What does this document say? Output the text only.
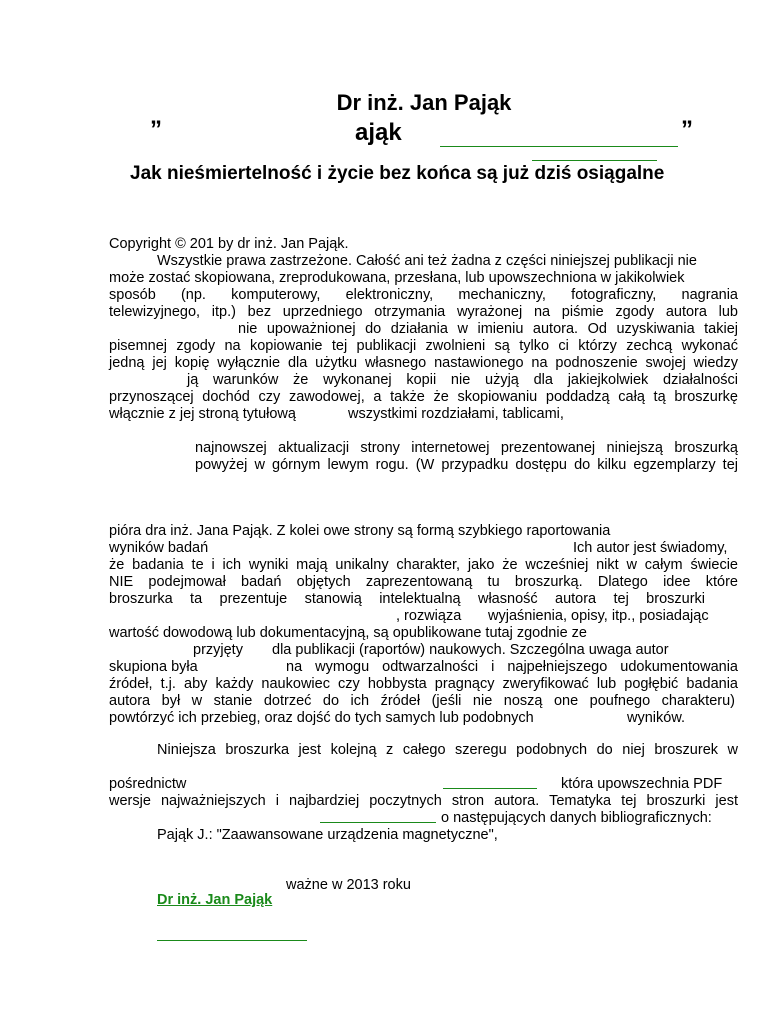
Dr inż. Jan Pająk
”	ająk	”
Jak nieśmiertelność i życie bez końca są już dziś osiągalne
Copyright © 201 by dr inż. Jan Pająk.
Wszystkie prawa zastrzeżone. Całość ani też żadna z części niniejszej publikacji nie
może zostać skopiowana, zreprodukowana, przesłana, lub upowszechniona w jakikolwiek
sposób (np. komputerowy, elektroniczny, mechaniczny, fotograficzny, nagrania
telewizyjnego, itp.) bez uprzedniego otrzymania wyrażonej na piśmie zgody autora lub
nie upoważnionej do działania w imieniu autora. Od uzyskiwania takiej
pisemnej zgody na kopiowanie tej publikacji zwolnieni są tylko ci którzy zechcą wykonać
jedną jej kopię wyłącznie dla użytku własnego nastawionego na podnoszenie swojej wiedzy
ją warunków że wykonanej kopii nie użyją dla jakiejkolwiek działalności
przynoszącej dochód czy zawodowej, a także że skopiowaniu poddadzą całą tą broszurkę
włącznie z jej stroną tytułową	wszystkimi rozdziałami, tablicami,
najnowszej aktualizacji strony internetowej prezentowanej niniejszą broszurką
powyżej w górnym lewym rogu. (W przypadku dostępu do kilku egzemplarzy tej
pióra dra inż. Jana Pająk. Z kolei owe strony są formą szybkiego raportowania
wyników badań	Ich autor jest świadomy,
że badania te i ich wyniki mają unikalny charakter, jako że wcześniej nikt w całym świecie
NIE podejmował badań objętych zaprezentowaną tu broszurką. Dlatego idee które
broszurka ta prezentuje stanowią intelektualną własność autora tej broszurki
, rozwiąza wyjaśnienia, opisy, itp., posiadając
wartość dowodową lub dokumentacyjną, są opublikowane tutaj zgodnie ze
przyjęty dla publikacji (raportów) naukowych. Szczególna uwaga autor
skupiona była	na wymogu odtwarzalności i najpełniejszego udokumentowania
źródeł, t.j. aby każdy naukowiec czy hobbysta pragnący zweryfikować lub pogłębić badania
autora był w stanie dotrzeć do ich źródeł (jeśli nie noszą one poufnego charakteru)
powtórzyć ich przebieg, oraz dojść do tych samych lub podobnych	wyników.
Niniejsza broszurka jest kolejną z całego szeregu podobnych do niej broszurek w
pośrednictw	która upowszechnia PDF
wersje najważniejszych i najbardziej poczytnych stron autora. Tematyka tej broszurki jest
o następujących danych bibliograficznych:
Pająk J.: "Zaawansowane urządzenia magnetyczne",
ważne w 2013 roku
Dr inż. Jan Pająk
